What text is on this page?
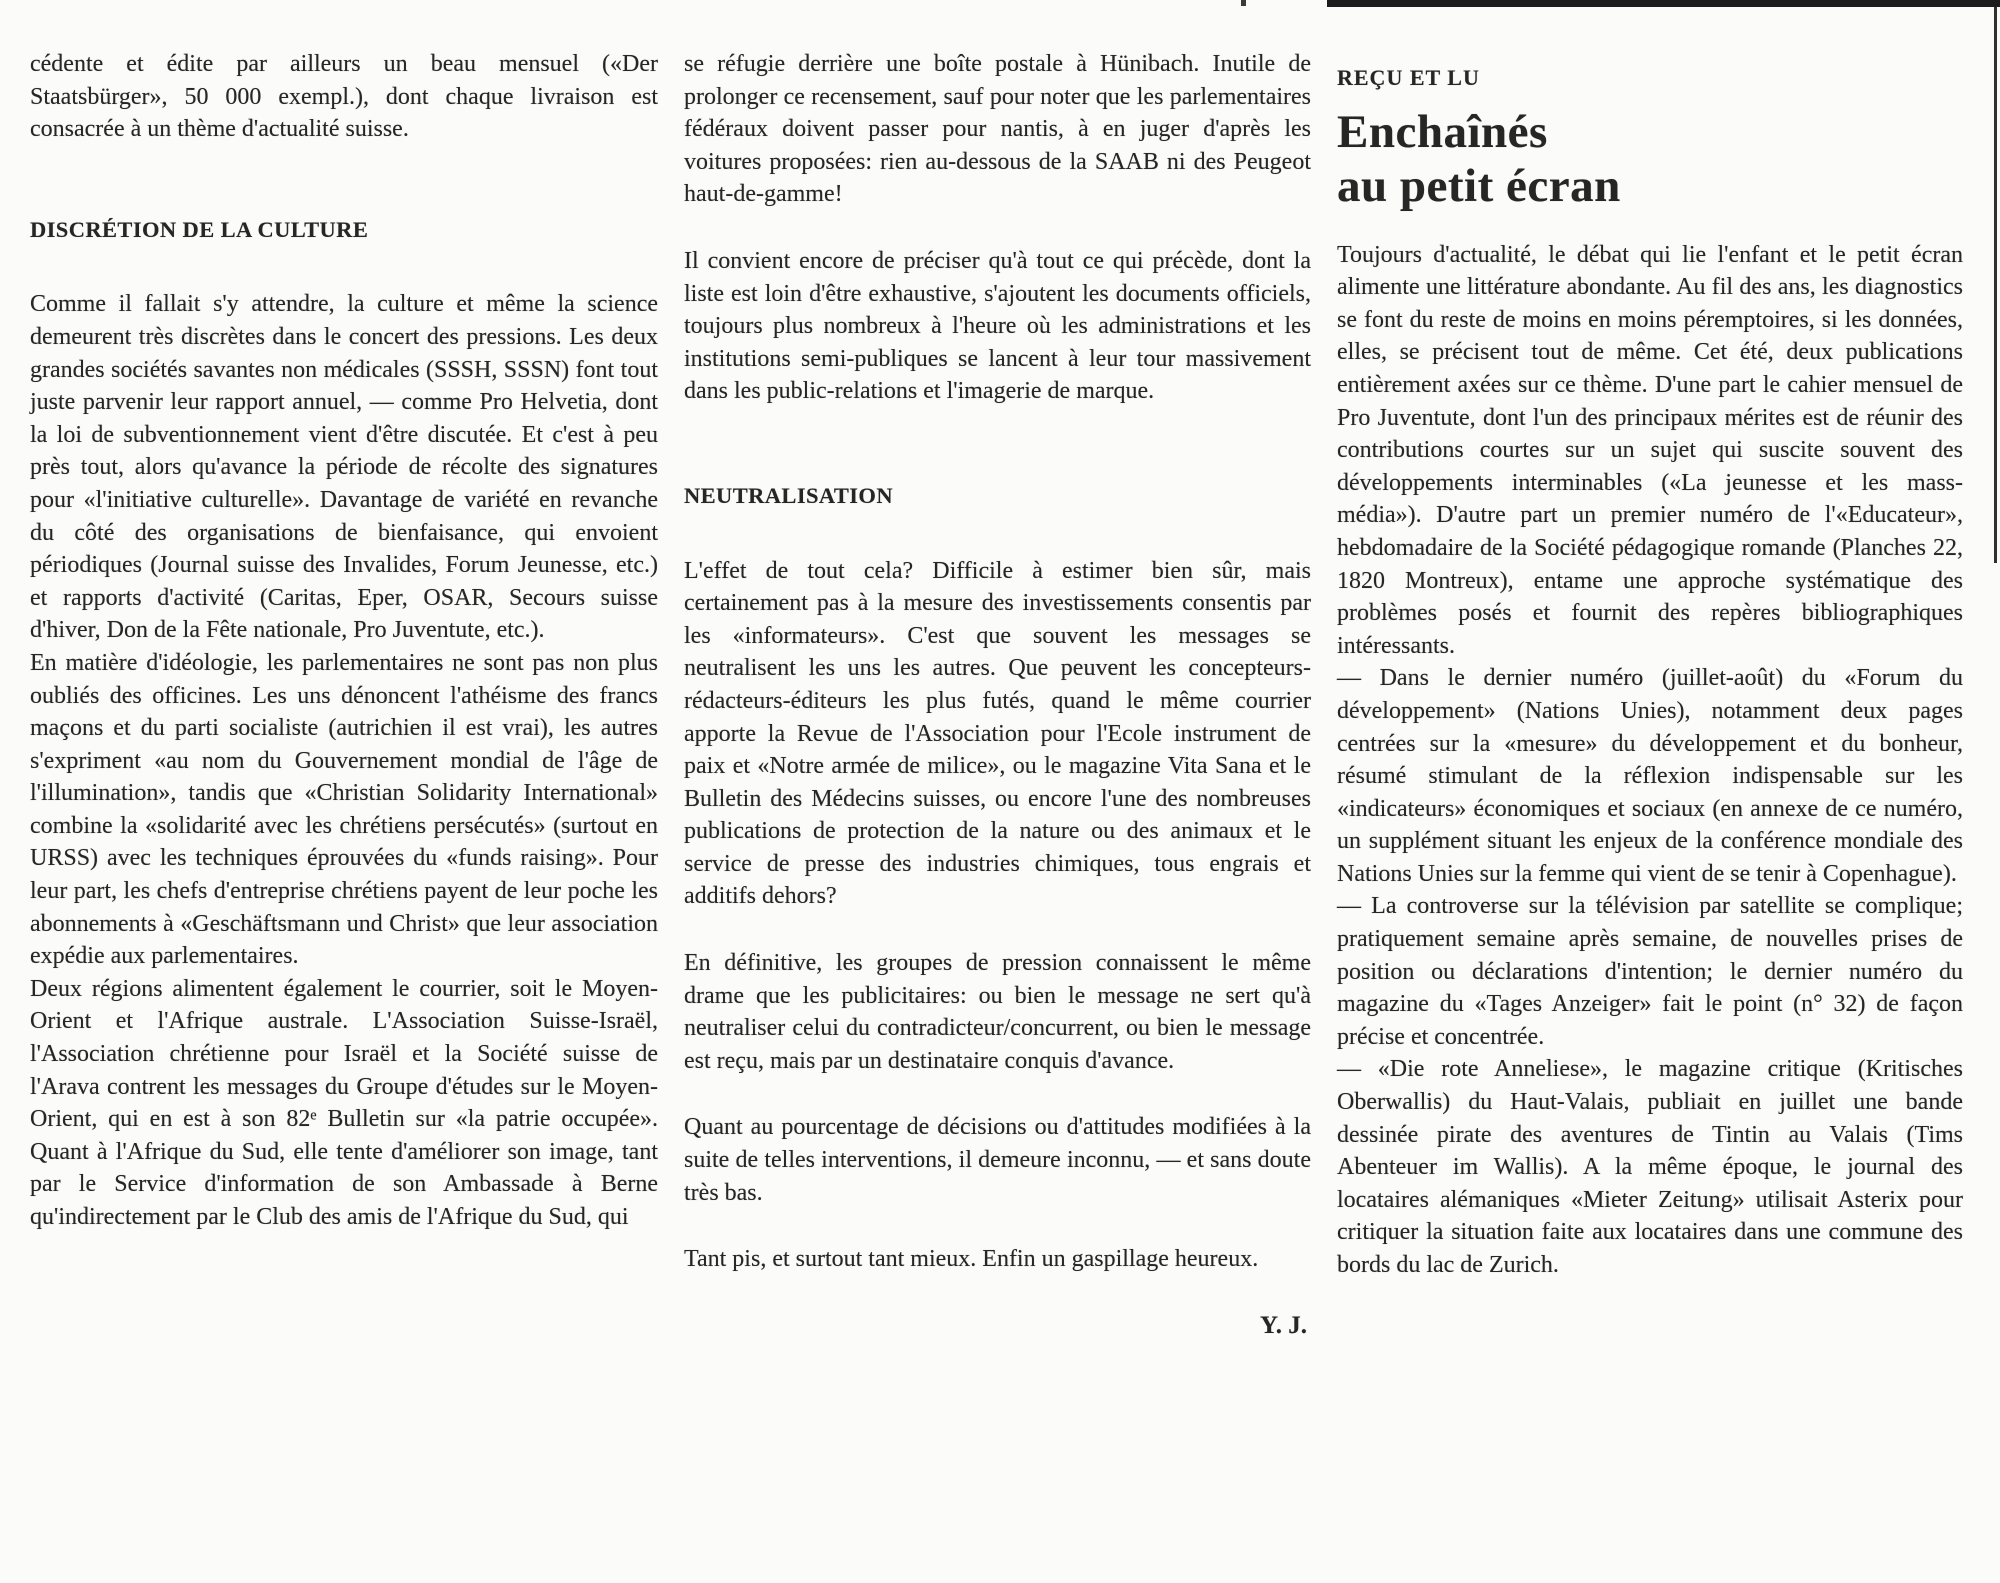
cédente et édite par ailleurs un beau mensuel («Der Staatsbürger», 50 000 exempl.), dont chaque livraison est consacrée à un thème d'actualité suisse.

DISCRÉTION DE LA CULTURE

Comme il fallait s'y attendre, la culture et même la science demeurent très discrètes dans le concert des pressions. Les deux grandes sociétés savantes non médicales (SSSH, SSSN) font tout juste parvenir leur rapport annuel, — comme Pro Helvetia, dont la loi de subventionnement vient d'être discutée. Et c'est à peu près tout, alors qu'avance la période de récolte des signatures pour «l'initiative culturelle». Davantage de variété en revanche du côté des organisations de bienfaisance, qui envoient périodiques (Journal suisse des Invalides, Forum Jeunesse, etc.) et rapports d'activité (Caritas, Eper, OSAR, Secours suisse d'hiver, Don de la Fête nationale, Pro Juventute, etc.).

En matière d'idéologie, les parlementaires ne sont pas non plus oubliés des officines. Les uns dénoncent l'athéisme des francs maçons et du parti socialiste (autrichien il est vrai), les autres s'expriment «au nom du Gouvernement mondial de l'âge de l'illumination», tandis que «Christian Solidarity International» combine la «solidarité avec les chrétiens persécutés» (surtout en URSS) avec les techniques éprouvées du «funds raising». Pour leur part, les chefs d'entreprise chrétiens payent de leur poche les abonnements à «Geschäftsmann und Christ» que leur association expédie aux parlementaires.

Deux régions alimentent également le courrier, soit le Moyen-Orient et l'Afrique australe. L'Association Suisse-Israël, l'Association chrétienne pour Israël et la Société suisse de l'Arava contrent les messages du Groupe d'études sur le Moyen-Orient, qui en est à son 82ᵉ Bulletin sur «la patrie occupée». Quant à l'Afrique du Sud, elle tente d'améliorer son image, tant par le Service d'information de son Ambassade à Berne qu'indirectement par le Club des amis de l'Afrique du Sud, qui

se réfugie derrière une boîte postale à Hünibach. Inutile de prolonger ce recensement, sauf pour noter que les parlementaires fédéraux doivent passer pour nantis, à en juger d'après les voitures proposées: rien au-dessous de la SAAB ni des Peugeot haut-de-gamme!

Il convient encore de préciser qu'à tout ce qui précède, dont la liste est loin d'être exhaustive, s'ajoutent les documents officiels, toujours plus nombreux à l'heure où les administrations et les institutions semi-publiques se lancent à leur tour massivement dans les public-relations et l'imagerie de marque.

NEUTRALISATION

L'effet de tout cela? Difficile à estimer bien sûr, mais certainement pas à la mesure des investissements consentis par les «informateurs». C'est que souvent les messages se neutralisent les uns les autres. Que peuvent les concepteurs-rédacteurs-éditeurs les plus futés, quand le même courrier apporte la Revue de l'Association pour l'Ecole instrument de paix et «Notre armée de milice», ou le magazine Vita Sana et le Bulletin des Médecins suisses, ou encore l'une des nombreuses publications de protection de la nature ou des animaux et le service de presse des industries chimiques, tous engrais et additifs dehors?

En définitive, les groupes de pression connaissent le même drame que les publicitaires: ou bien le message ne sert qu'à neutraliser celui du contradicteur/concurrent, ou bien le message est reçu, mais par un destinataire conquis d'avance.

Quant au pourcentage de décisions ou d'attitudes modifiées à la suite de telles interventions, il demeure inconnu, — et sans doute très bas.

Tant pis, et surtout tant mieux. Enfin un gaspillage heureux.

Y. J.

REÇU ET LU

Enchaînés
au petit écran

Toujours d'actualité, le débat qui lie l'enfant et le petit écran alimente une littérature abondante. Au fil des ans, les diagnostics se font du reste de moins en moins péremptoires, si les données, elles, se précisent tout de même. Cet été, deux publications entièrement axées sur ce thème. D'une part le cahier mensuel de Pro Juventute, dont l'un des principaux mérites est de réunir des contributions courtes sur un sujet qui suscite souvent des développements interminables («La jeunesse et les mass-média»). D'autre part un premier numéro de l'«Educateur», hebdomadaire de la Société pédagogique romande (Planches 22, 1820 Montreux), entame une approche systématique des problèmes posés et fournit des repères bibliographiques intéressants.

— Dans le dernier numéro (juillet-août) du «Forum du développement» (Nations Unies), notamment deux pages centrées sur la «mesure» du développement et du bonheur, résumé stimulant de la réflexion indispensable sur les «indicateurs» économiques et sociaux (en annexe de ce numéro, un supplément situant les enjeux de la conférence mondiale des Nations Unies sur la femme qui vient de se tenir à Copenhague).

— La controverse sur la télévision par satellite se complique; pratiquement semaine après semaine, de nouvelles prises de position ou déclarations d'intention; le dernier numéro du magazine du «Tages Anzeiger» fait le point (n° 32) de façon précise et concentrée.

— «Die rote Anneliese», le magazine critique (Kritisches Oberwallis) du Haut-Valais, publiait en juillet une bande dessinée pirate des aventures de Tintin au Valais (Tims Abenteuer im Wallis). A la même époque, le journal des locataires alémaniques «Mieter Zeitung» utilisait Asterix pour critiquer la situation faite aux locataires dans une commune des bords du lac de Zurich.
